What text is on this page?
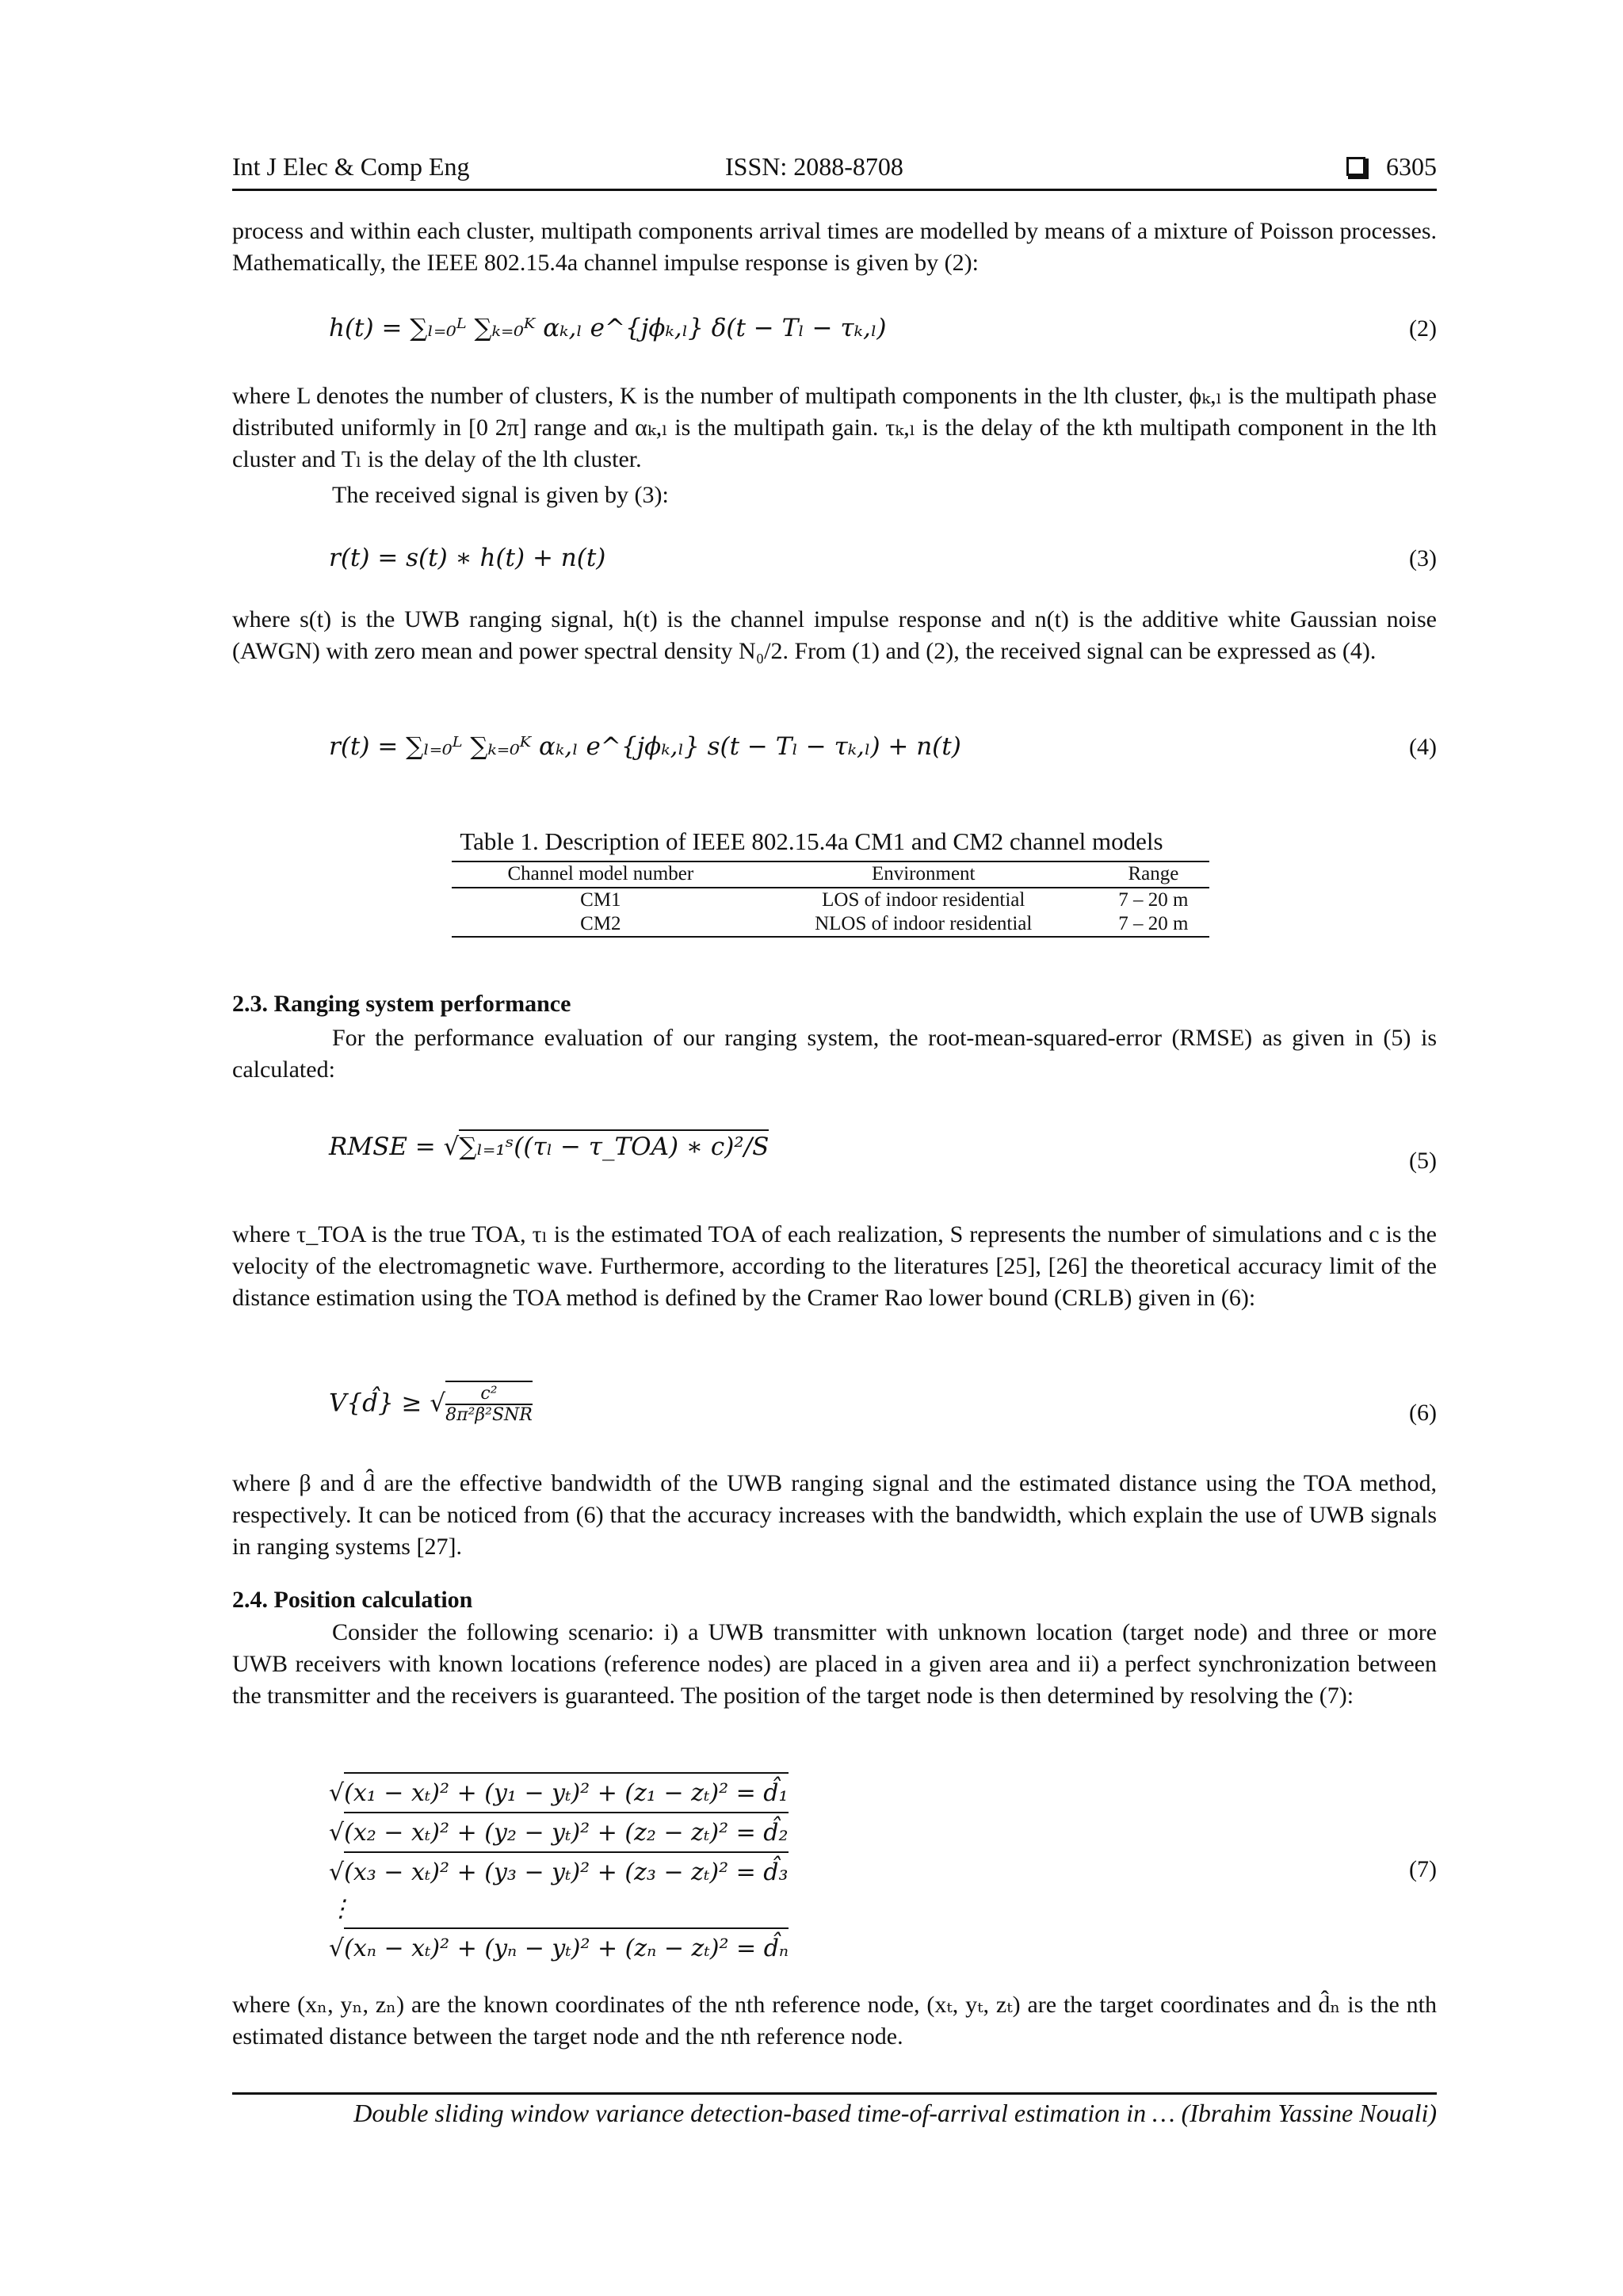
Int J Elec & Comp Eng	ISSN: 2088-8708	6305

process and within each cluster, multipath components arrival times are modelled by means of a mixture of Poisson processes. Mathematically, the IEEE 802.15.4a channel impulse response is given by (2):

h(t) = ∑ₗ₌₀ᴸ ∑ₖ₌₀ᴷ αₖ,ₗ e^{jϕₖ,ₗ} δ(t − Tₗ − τₖ,ₗ)	(2)

where L denotes the number of clusters, K is the number of multipath components in the lth cluster, ϕₖ,ₗ is the multipath phase distributed uniformly in [0 2π] range and αₖ,ₗ is the multipath gain. τₖ,ₗ is the delay of the kth multipath component in the lth cluster and Tₗ is the delay of the lth cluster.

The received signal is given by (3):

r(t) = s(t) ∗ h(t) + n(t)	(3)

where s(t) is the UWB ranging signal, h(t) is the channel impulse response and n(t) is the additive white Gaussian noise (AWGN) with zero mean and power spectral density N₀/2. From (1) and (2), the received signal can be expressed as (4).

r(t) = ∑ₗ₌₀ᴸ ∑ₖ₌₀ᴷ αₖ,ₗ e^{jϕₖ,ₗ} s(t − Tₗ − τₖ,ₗ) + n(t)	(4)
Table 1. Description of IEEE 802.15.4a CM1 and CM2 channel models
Channel model number	Environment	Range
CM1	LOS of indoor residential	7 – 20 m
CM2	NLOS of indoor residential	7 – 20 m
2.3. Ranging system performance

For the performance evaluation of our ranging system, the root-mean-squared-error (RMSE) as given in (5) is calculated:

RMSE = √∑ₗ₌₁ˢ((τₗ − τ_TOA) ∗ c)²/S	(5)

where τ_TOA is the true TOA, τₗ is the estimated TOA of each realization, S represents the number of simulations and c is the velocity of the electromagnetic wave. Furthermore, according to the literatures [25], [26] the theoretical accuracy limit of the distance estimation using the TOA method is defined by the Cramer Rao lower bound (CRLB) given in (6):

V{d̂} ≥ √ $\frac{\text{c²}}{\text{8π²β²SNR}}$	(6)

where β and d̂ are the effective bandwidth of the UWB ranging signal and the estimated distance using the TOA method, respectively. It can be noticed from (6) that the accuracy increases with the bandwidth, which explain the use of UWB signals in ranging systems [27].

2.4. Position calculation

Consider the following scenario: i) a UWB transmitter with unknown location (target node) and three or more UWB receivers with known locations (reference nodes) are placed in a given area and ii) a perfect synchronization between the transmitter and the receivers is guaranteed. The position of the target node is then determined by resolving the (7):

√(x₁ − xₜ)² + (y₁ − yₜ)² + (z₁ − zₜ)² = d̂₁
√(x₂ − xₜ)² + (y₂ − yₜ)² + (z₂ − zₜ)² = d̂₂
√(x₃ − xₜ)² + (y₃ − yₜ)² + (z₃ − zₜ)² = d̂₃
⋮
√(xₙ − xₜ)² + (yₙ − yₜ)² + (zₙ − zₜ)² = d̂ₙ
(7)

where (xₙ, yₙ, zₙ) are the known coordinates of the nth reference node, (xₜ, yₜ, zₜ) are the target coordinates and d̂ₙ is the nth estimated distance between the target node and the nth reference node.

Double sliding window variance detection-based time-of-arrival estimation in … (Ibrahim Yassine Nouali)
